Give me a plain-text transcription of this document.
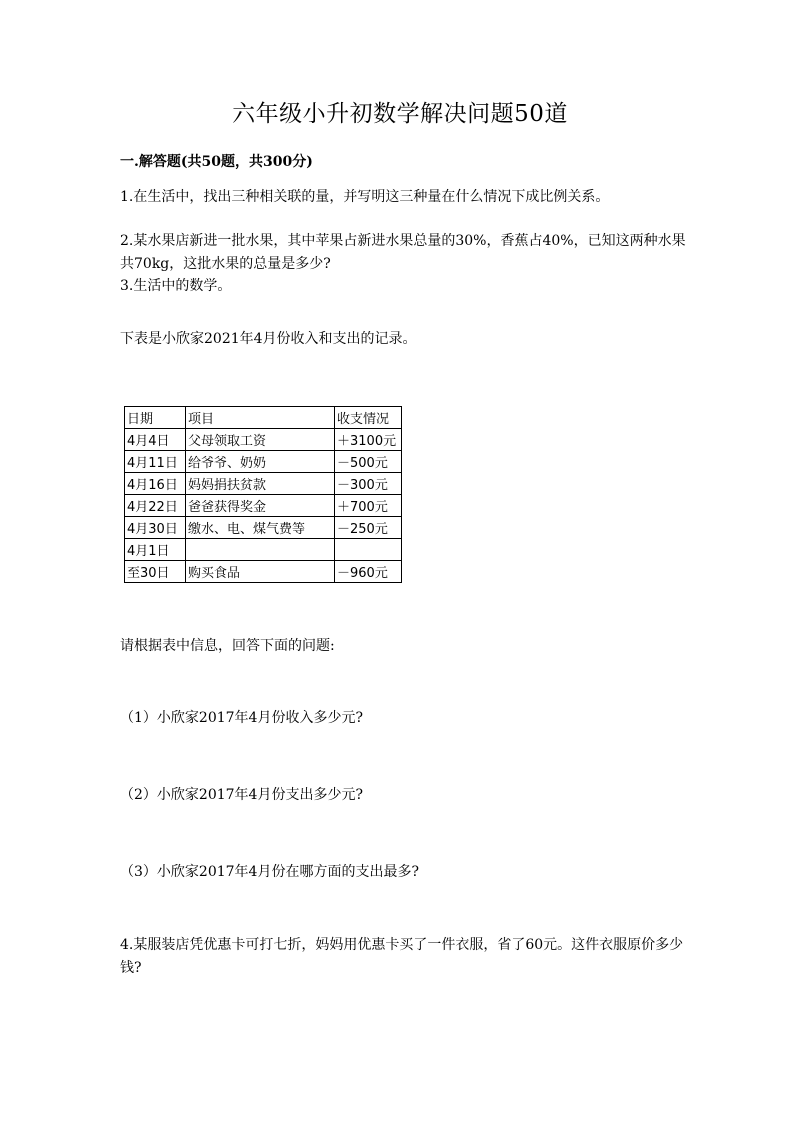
六年级小升初数学解决问题50道
一.解答题(共50题，共300分)
1.在生活中，找出三种相关联的量，并写明这三种量在什么情况下成比例关系。
2.某水果店新进一批水果，其中苹果占新进水果总量的30%，香蕉占40%，已知这两种水果共70kg，这批水果的总量是多少?
3.生活中的数学。
下表是小欣家2021年4月份收入和支出的记录。
日期	项目	收支情况
4月4日	父母领取工资	＋3100元
4月11日	给爷爷、奶奶	－500元
4月16日	妈妈捐扶贫款	－300元
4月22日	爸爸获得奖金	＋700元
4月30日	缴水、电、煤气费等	－250元
4月1日		
至30日	购买食品	－960元
请根据表中信息，回答下面的问题:
（1）小欣家2017年4月份收入多少元?
（2）小欣家2017年4月份支出多少元?
（3）小欣家2017年4月份在哪方面的支出最多?
4.某服装店凭优惠卡可打七折，妈妈用优惠卡买了一件衣服，省了60元。这件衣服原价多少钱?
